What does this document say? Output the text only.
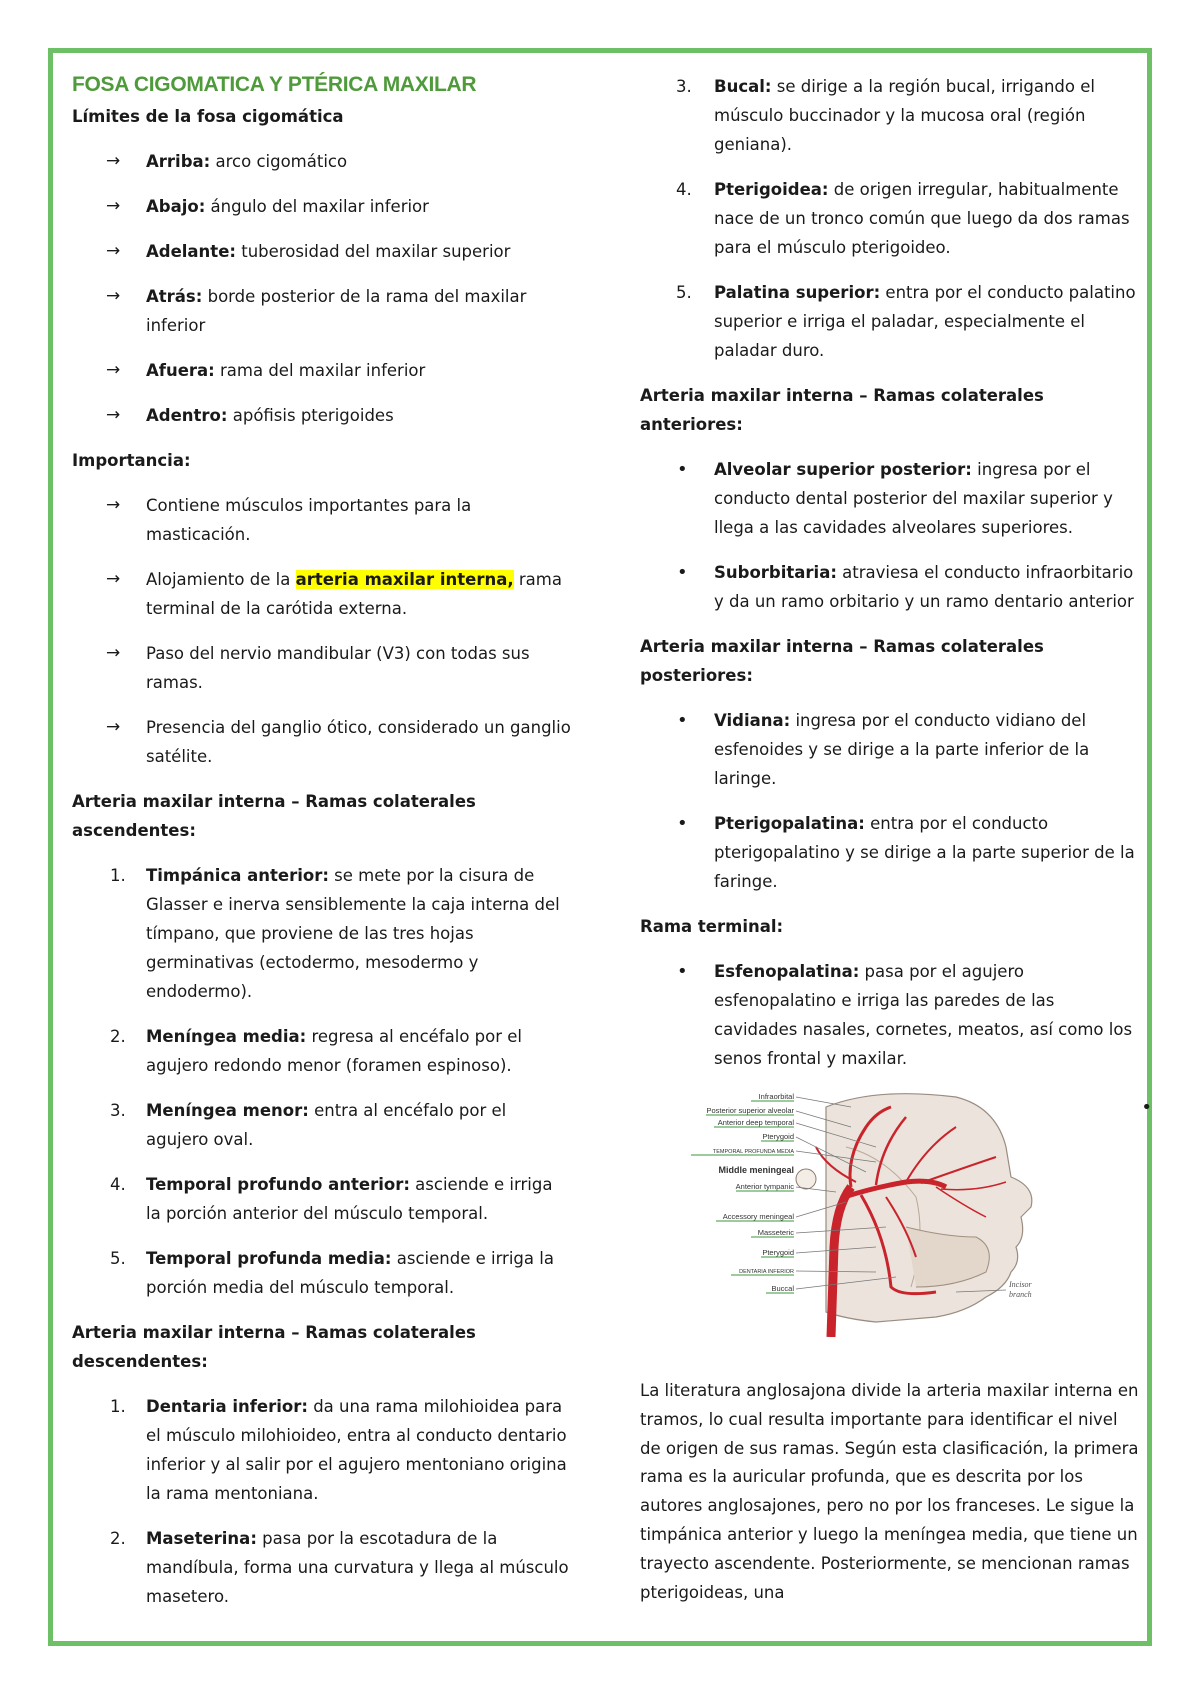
FOSA CIGOMATICA Y PTÉRICA MAXILAR
Límites de la fosa cigomática
→ Arriba: arco cigomático
→ Abajo: ángulo del maxilar inferior
→ Adelante: tuberosidad del maxilar superior
→ Atrás: borde posterior de la rama del maxilar inferior
→ Afuera: rama del maxilar inferior
→ Adentro: apófisis pterigoides
Importancia:
→ Contiene músculos importantes para la masticación.
→ Alojamiento de la arteria maxilar interna, rama terminal de la carótida externa.
→ Paso del nervio mandibular (V3) con todas sus ramas.
→ Presencia del ganglio ótico, considerado un ganglio satélite.
Arteria maxilar interna – Ramas colaterales ascendentes:
1. Timpánica anterior: se mete por la cisura de Glasser e inerva sensiblemente la caja interna del tímpano, que proviene de las tres hojas germinativas (ectodermo, mesodermo y endodermo).
2. Meníngea media: regresa al encéfalo por el agujero redondo menor (foramen espinoso).
3. Meníngea menor: entra al encéfalo por el agujero oval.
4. Temporal profundo anterior: asciende e irriga la porción anterior del músculo temporal.
5. Temporal profunda media: asciende e irriga la porción media del músculo temporal.
Arteria maxilar interna – Ramas colaterales descendentes:
1. Dentaria inferior: da una rama milohioidea para el músculo milohioideo, entra al conducto dentario inferior y al salir por el agujero mentoniano origina la rama mentoniana.
2. Maseterina: pasa por la escotadura de la mandíbula, forma una curvatura y llega al músculo masetero.
3. Bucal: se dirige a la región bucal, irrigando el músculo buccinador y la mucosa oral (región geniana).
4. Pterigoidea: de origen irregular, habitualmente nace de un tronco común que luego da dos ramas para el músculo pterigoideo.
5. Palatina superior: entra por el conducto palatino superior e irriga el paladar, especialmente el paladar duro.
Arteria maxilar interna – Ramas colaterales anteriores:
• Alveolar superior posterior: ingresa por el conducto dental posterior del maxilar superior y llega a las cavidades alveolares superiores.
• Suborbitaria: atraviesa el conducto infraorbitario y da un ramo orbitario y un ramo dentario anterior
Arteria maxilar interna – Ramas colaterales posteriores:
• Vidiana: ingresa por el conducto vidiano del esfenoides y se dirige a la parte inferior de la laringe.
• Pterigopalatina: entra por el conducto pterigopalatino y se dirige a la parte superior de la faringe.
Rama terminal:
• Esfenopalatina: pasa por el agujero esfenopalatino e irriga las paredes de las cavidades nasales, cornetes, meatos, así como los senos frontal y maxilar.
•
Infraorbital
Posterior superior alveolar
Anterior deep temporal
Pterygoid
TEMPORAL PROFUNDA MEDIA
Middle meningeal
Anterior tympanic
Accessory meningeal
Masseteric
Pterygoid
DENTARIA INFERIOR
Buccal	Incisor
branch
La literatura anglosajona divide la arteria maxilar interna en tramos, lo cual resulta importante para identificar el nivel de origen de sus ramas. Según esta clasificación, la primera rama es la auricular profunda, que es descrita por los autores anglosajones, pero no por los franceses. Le sigue la timpánica anterior y luego la meníngea media, que tiene un trayecto ascendente. Posteriormente, se mencionan ramas pterigoideas, una
